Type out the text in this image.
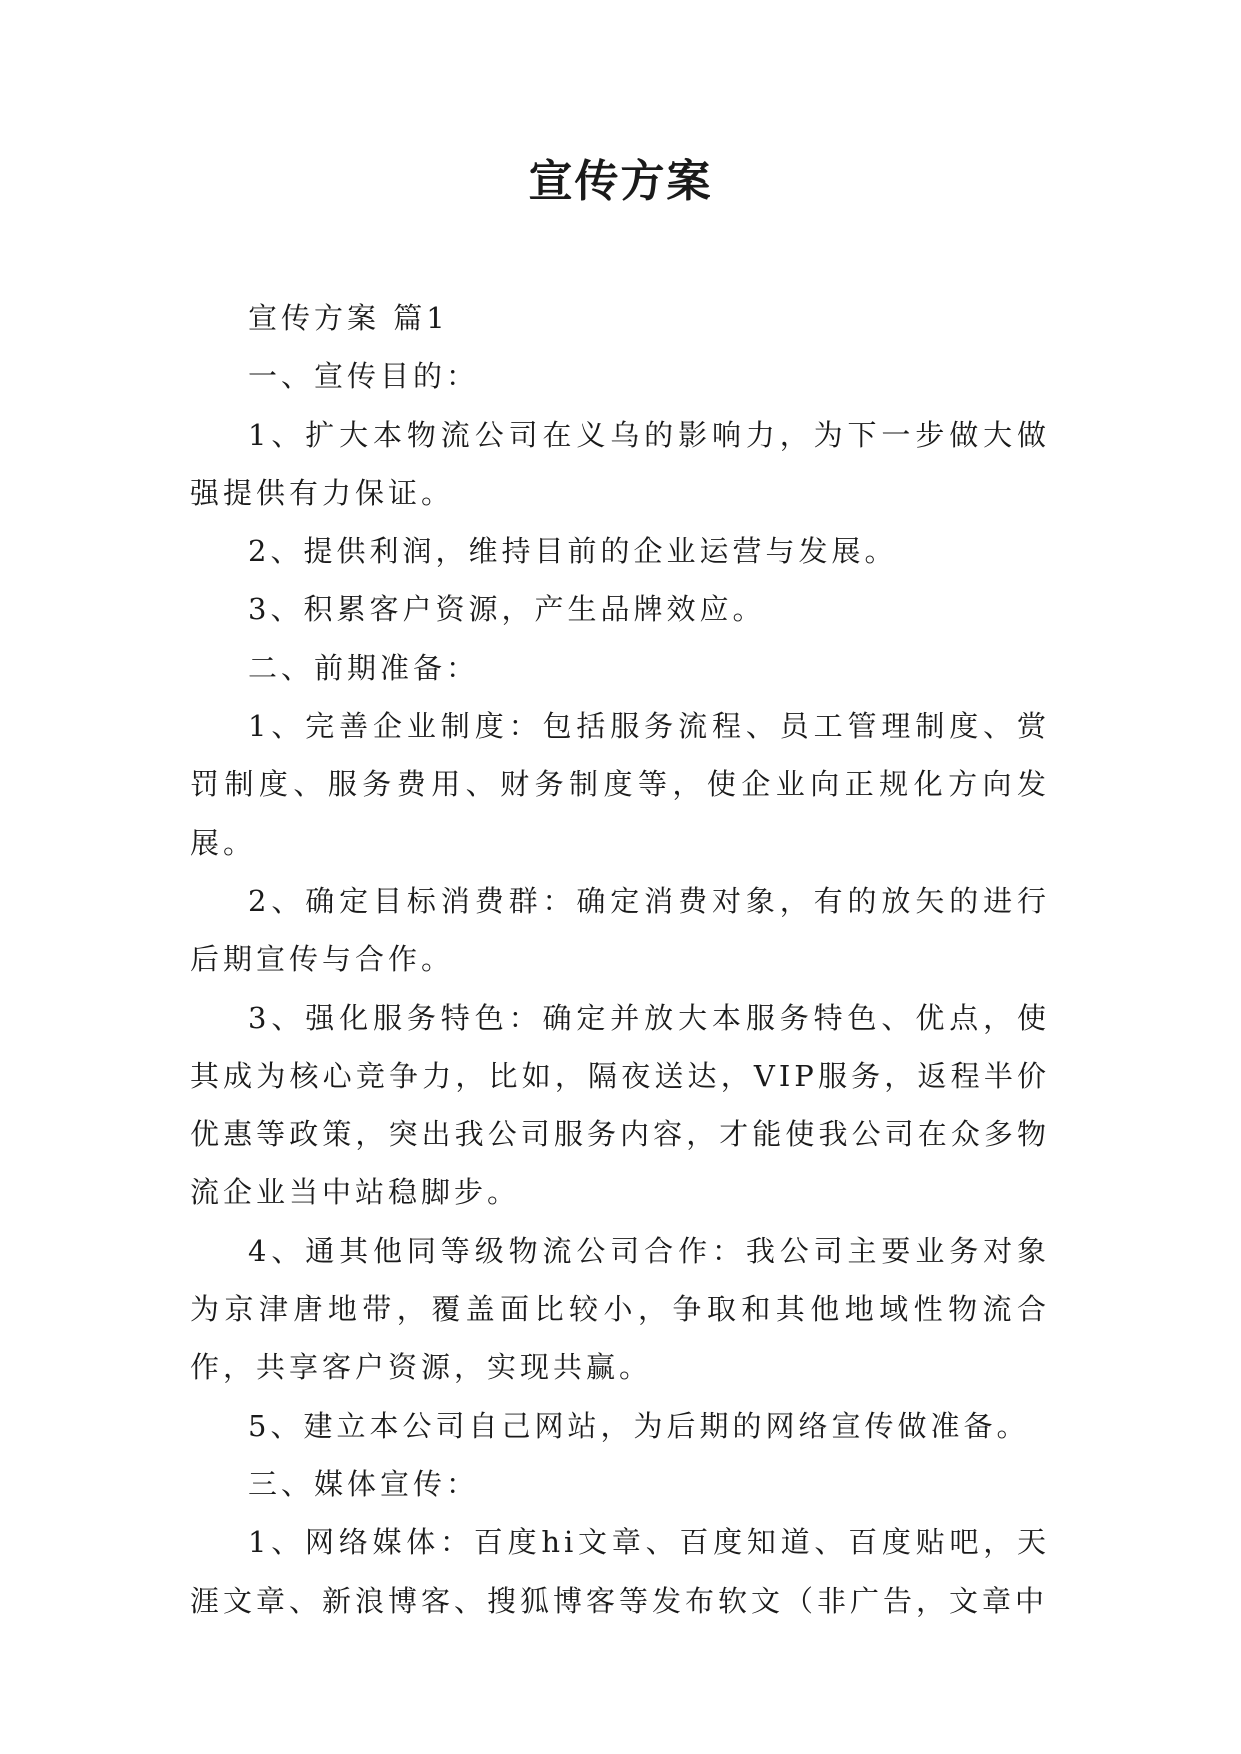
宣传方案

宣传方案 篇1

一、宣传目的：

1、扩大本物流公司在义乌的影响力，为下一步做大做强提供有力保证。

2、提供利润，维持目前的企业运营与发展。

3、积累客户资源，产生品牌效应。

二、前期准备：

1、完善企业制度：包括服务流程、员工管理制度、赏罚制度、服务费用、财务制度等，使企业向正规化方向发展。

2、确定目标消费群：确定消费对象，有的放矢的进行后期宣传与合作。

3、强化服务特色：确定并放大本服务特色、优点，使其成为核心竞争力，比如，隔夜送达，VIP服务，返程半价优惠等政策，突出我公司服务内容，才能使我公司在众多物流企业当中站稳脚步。

4、通其他同等级物流公司合作：我公司主要业务对象为京津唐地带，覆盖面比较小，争取和其他地域性物流合作，共享客户资源，实现共赢。

5、建立本公司自己网站，为后期的网络宣传做准备。

三、媒体宣传：

1、网络媒体：百度hi文章、百度知道、百度贴吧，天涯文章、新浪博客、搜狐博客等发布软文（非广告，文章中
